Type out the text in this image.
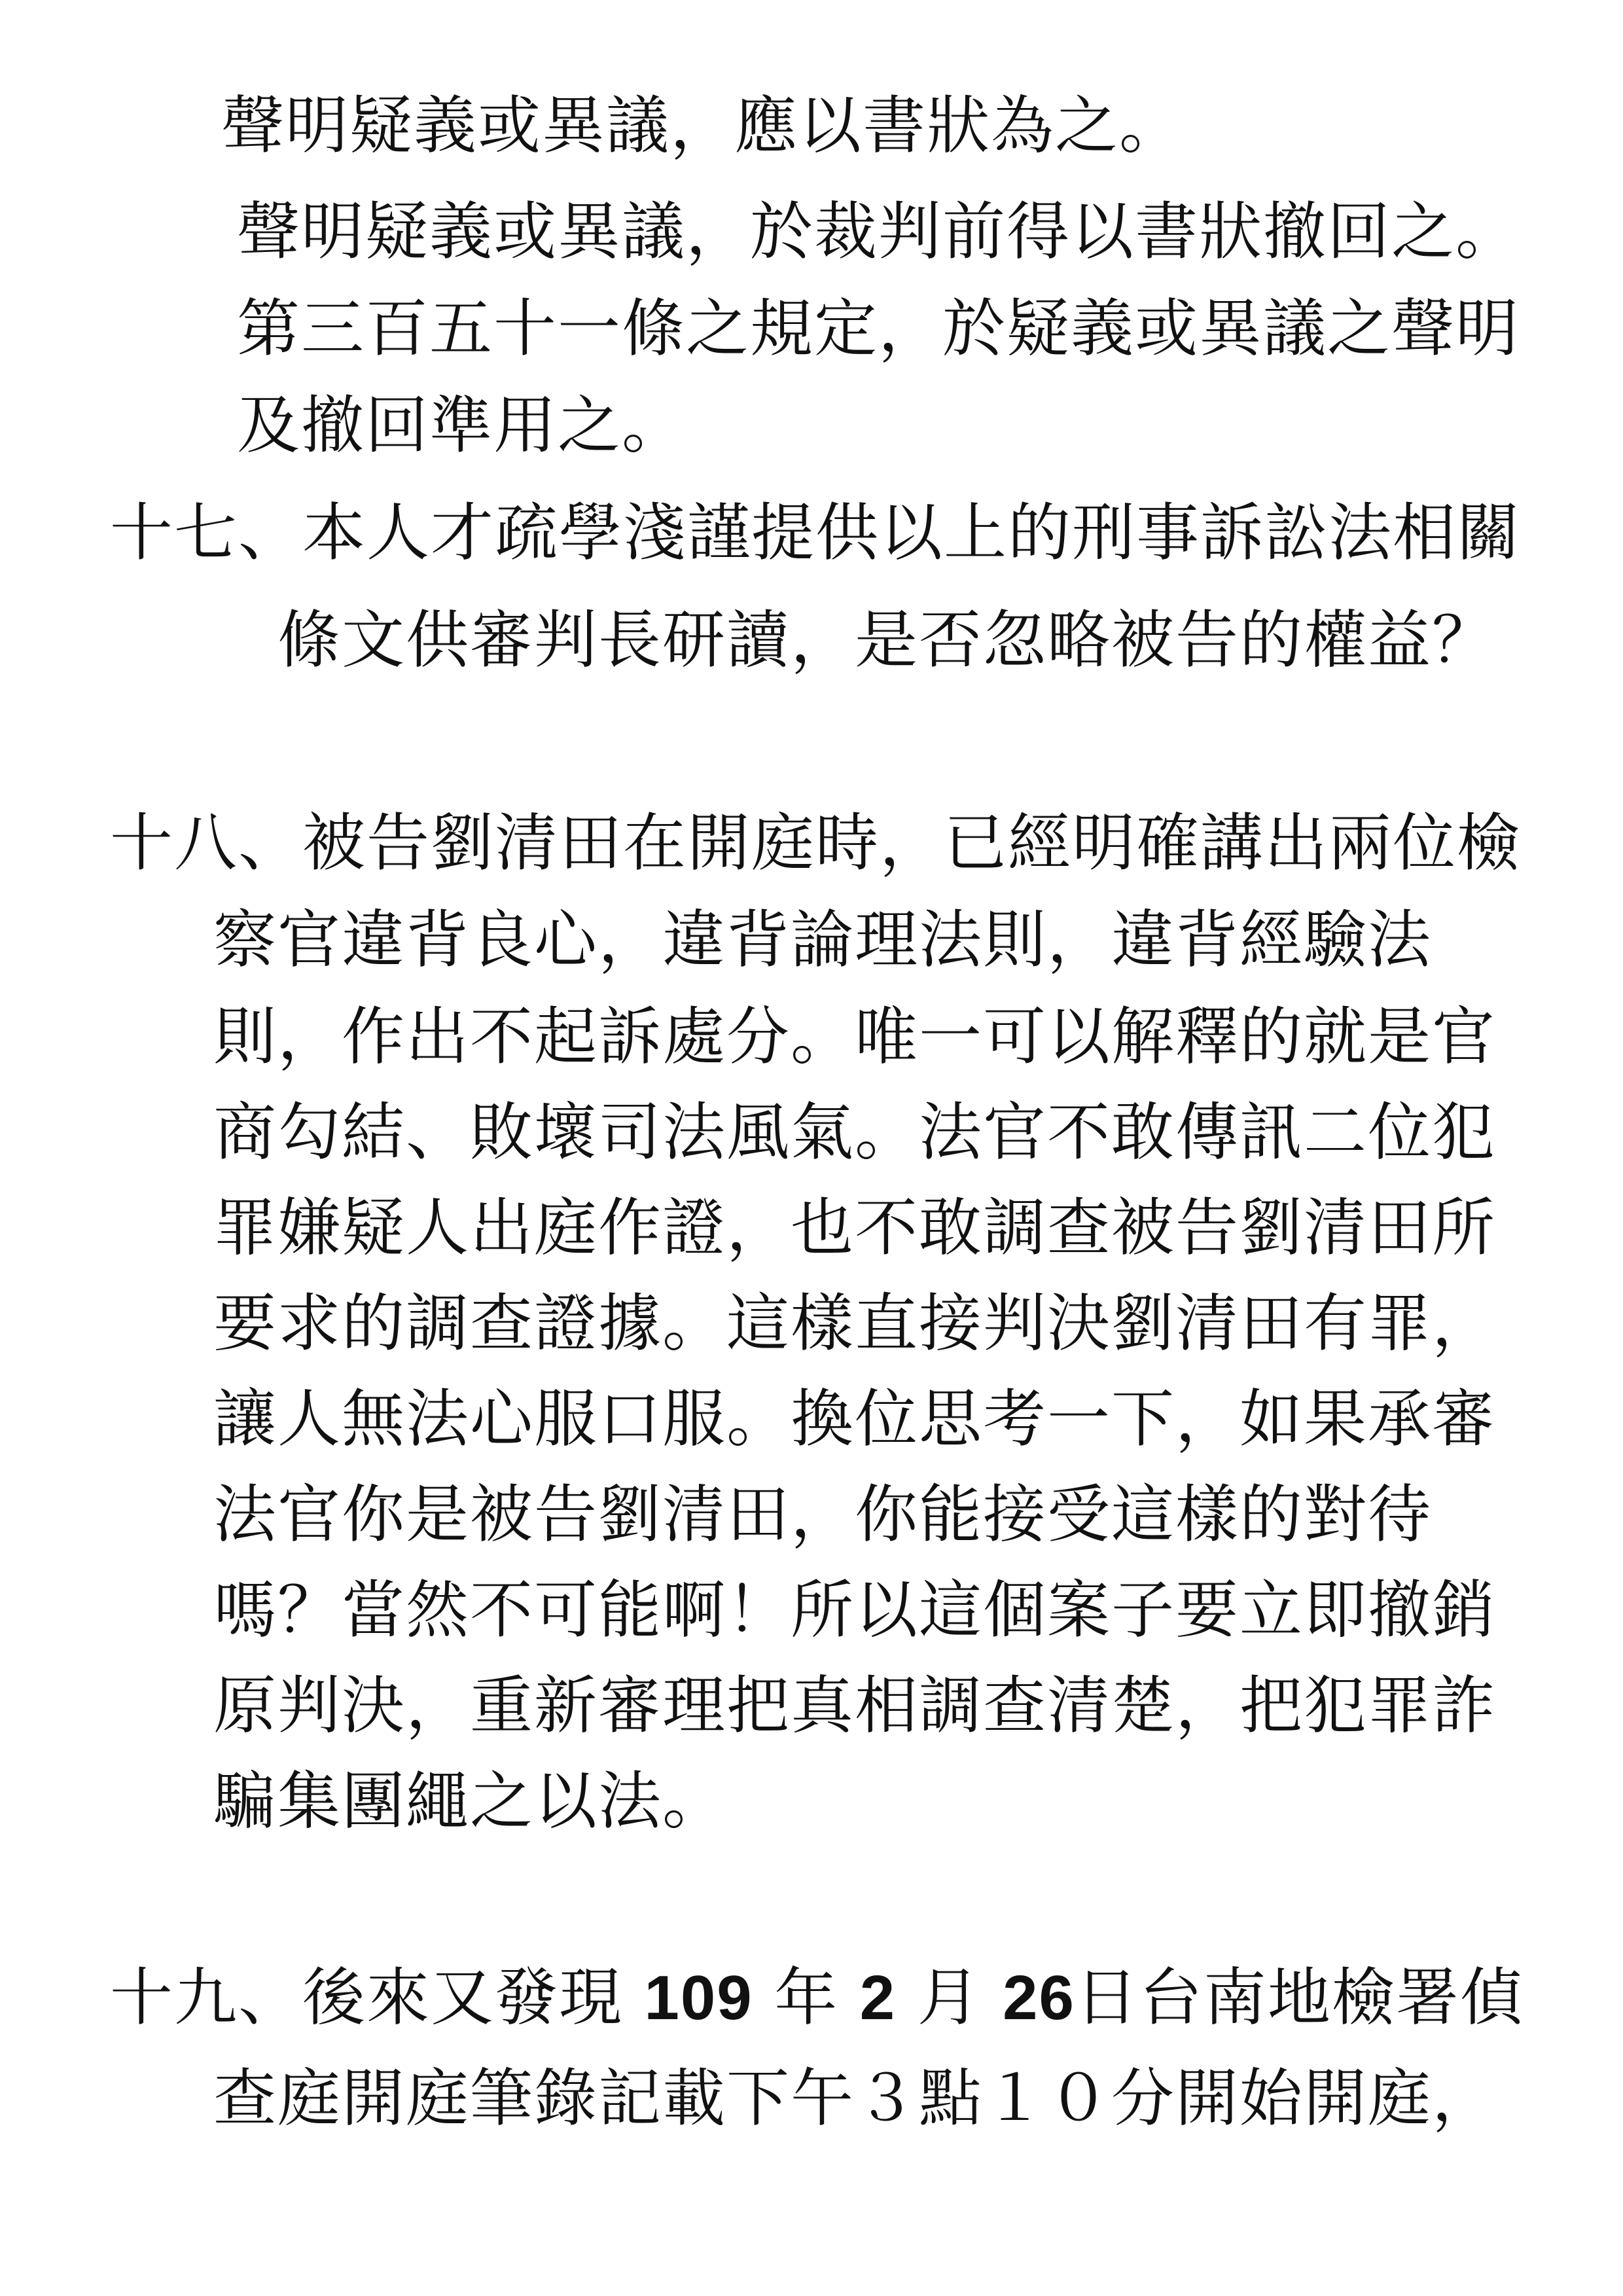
聲明疑義或異議，應以書狀為之。
聲明疑義或異議，於裁判前得以書狀撤回之。
第三百五十一條之規定，於疑義或異議之聲明
及撤回準用之。
十七、本人才疏學淺謹提供以上的刑事訴訟法相關
條文供審判長研讀，是否忽略被告的權益？
十八、被告劉清田在開庭時，已經明確講出兩位檢
察官違背良心，違背論理法則，違背經驗法
則，作出不起訴處分。唯一可以解釋的就是官
商勾結、敗壞司法風氣。法官不敢傳訊二位犯
罪嫌疑人出庭作證，也不敢調查被告劉清田所
要求的調查證據。這樣直接判決劉清田有罪，
讓人無法心服口服。換位思考一下，如果承審
法官你是被告劉清田，你能接受這樣的對待
嗎？當然不可能啊！所以這個案子要立即撤銷
原判決，重新審理把真相調查清楚，把犯罪詐
騙集團繩之以法。
十九、後來又發現 109 年 2 月 26日台南地檢署偵
查庭開庭筆錄記載下午３點１０分開始開庭，
